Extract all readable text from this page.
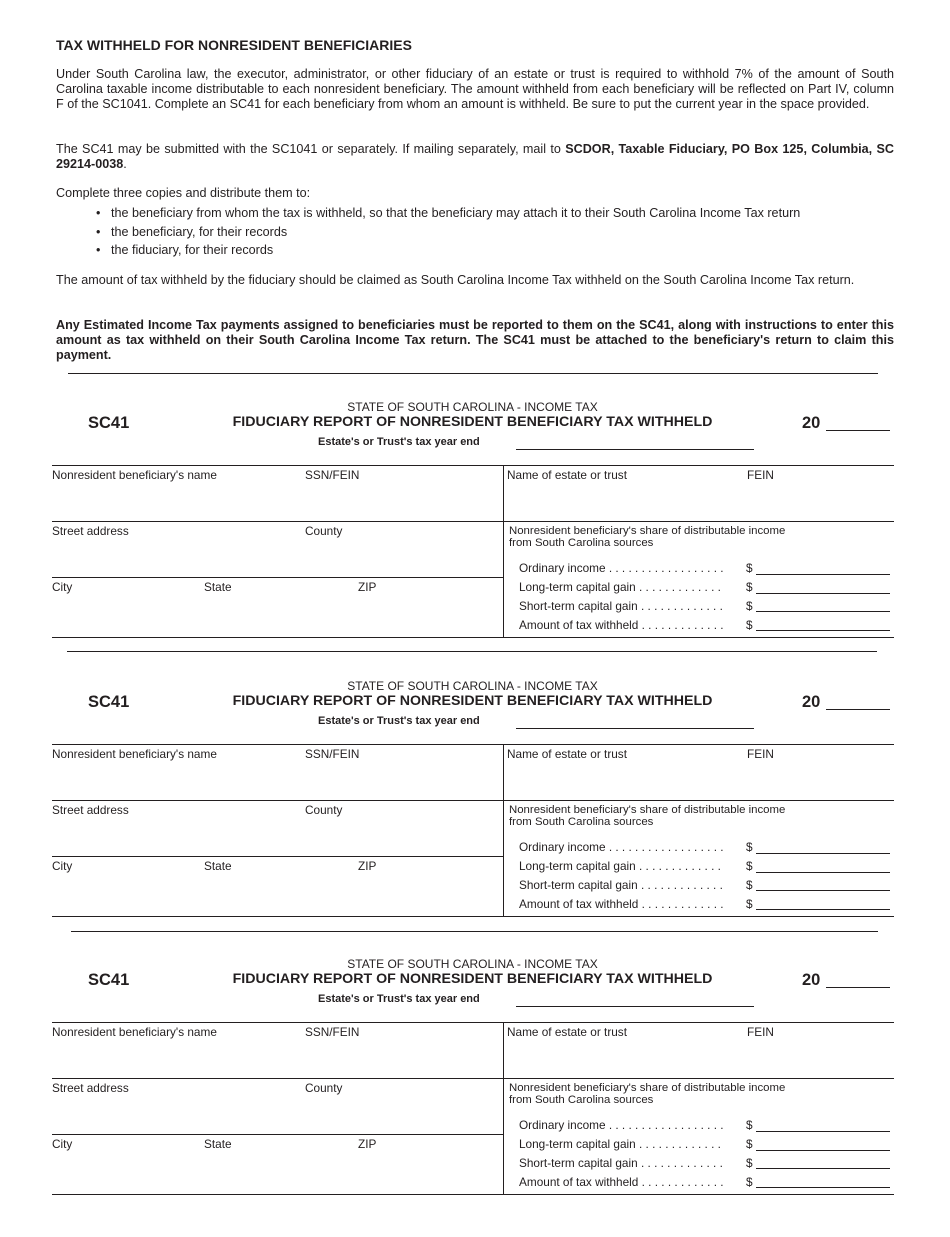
TAX WITHHELD FOR NONRESIDENT BENEFICIARIES

Under South Carolina law, the executor, administrator, or other fiduciary of an estate or trust is required to withhold 7% of the amount of South Carolina taxable income distributable to each nonresident beneficiary. The amount withheld from each beneficiary will be reflected on Part IV, column F of the SC1041. Complete an SC41 for each beneficiary from whom an amount is withheld. Be sure to put the current year in the space provided.

The SC41 may be submitted with the SC1041 or separately. If mailing separately, mail to SCDOR, Taxable Fiduciary, PO Box 125, Columbia, SC 29214-0038.

Complete three copies and distribute them to:

• the beneficiary from whom the tax is withheld, so that the beneficiary may attach it to their South Carolina Income Tax return
• the beneficiary, for their records
• the fiduciary, for their records

The amount of tax withheld by the fiduciary should be claimed as South Carolina Income Tax withheld on the South Carolina Income Tax return.

Any Estimated Income Tax payments assigned to beneficiaries must be reported to them on the SC41, along with instructions to enter this amount as tax withheld on their South Carolina Income Tax return. The SC41 must be attached to the beneficiary's return to claim this payment.

STATE OF SOUTH CAROLINA - INCOME TAX
SC41	FIDUCIARY REPORT OF NONRESIDENT BENEFICIARY TAX WITHHELD	20
Estate's or Trust's tax year end
Nonresident beneficiary's name	SSN/FEIN
Street address	County
City	State	ZIP
Name of estate or trust	FEIN
Nonresident beneficiary's share of distributable income
from South Carolina sources
Ordinary income . . . . . . . . . . . . . . . . . . $
Long-term capital gain . . . . . . . . . . . . . $
Short-term capital gain . . . . . . . . . . . . . $
Amount of tax withheld . . . . . . . . . . . . . $
STATE OF SOUTH CAROLINA - INCOME TAX
SC41	FIDUCIARY REPORT OF NONRESIDENT BENEFICIARY TAX WITHHELD	20
Estate's or Trust's tax year end
Nonresident beneficiary's name	SSN/FEIN
Street address	County
City	State	ZIP
Name of estate or trust	FEIN
Nonresident beneficiary's share of distributable income
from South Carolina sources
Ordinary income . . . . . . . . . . . . . . . . . . $
Long-term capital gain . . . . . . . . . . . . . $
Short-term capital gain . . . . . . . . . . . . . $
Amount of tax withheld . . . . . . . . . . . . . $
STATE OF SOUTH CAROLINA - INCOME TAX
SC41	FIDUCIARY REPORT OF NONRESIDENT BENEFICIARY TAX WITHHELD	20
Estate's or Trust's tax year end
Nonresident beneficiary's name	SSN/FEIN
Street address	County
City	State	ZIP
Name of estate or trust	FEIN
Nonresident beneficiary's share of distributable income
from South Carolina sources
Ordinary income . . . . . . . . . . . . . . . . . . $
Long-term capital gain . . . . . . . . . . . . . $
Short-term capital gain . . . . . . . . . . . . . $
Amount of tax withheld . . . . . . . . . . . . . $
